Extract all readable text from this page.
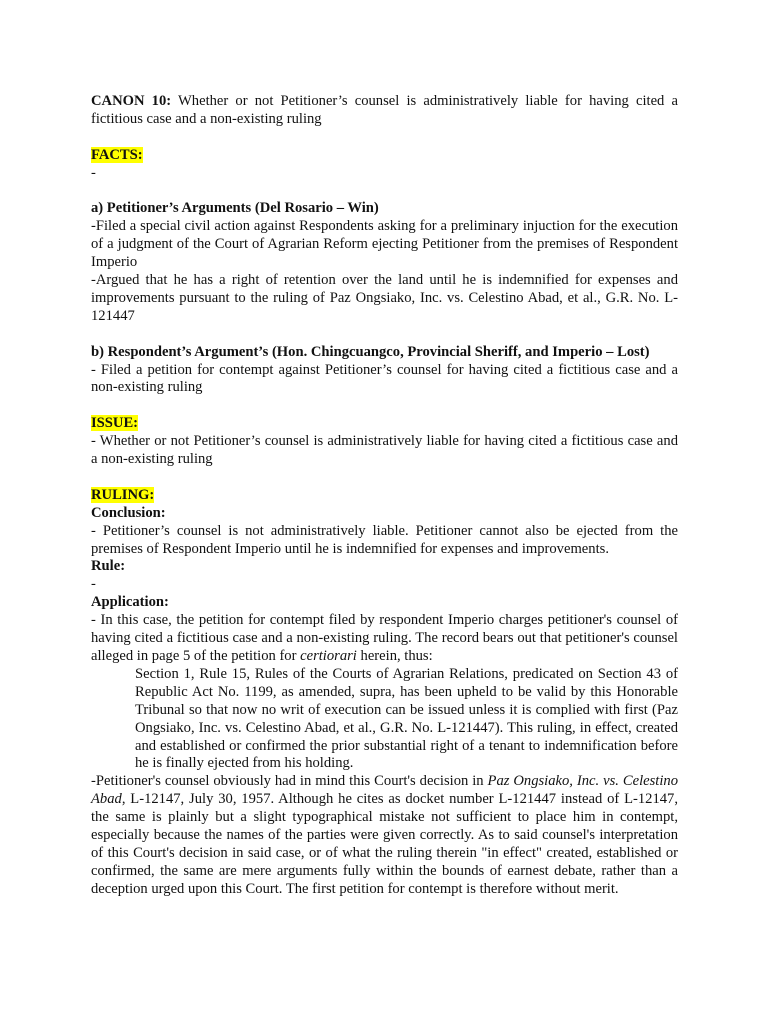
CANON 10: Whether or not Petitioner’s counsel is administratively liable for having cited a fictitious case and a non-existing ruling

FACTS:

-

a) Petitioner’s Arguments (Del Rosario – Win)

-Filed a special civil action against Respondents asking for a preliminary injuction for the execution of a judgment of the Court of Agrarian Reform ejecting Petitioner from the premises of Respondent Imperio

-Argued that he has a right of retention over the land until he is indemnified for expenses and improvements pursuant to the ruling of Paz Ongsiako, Inc. vs. Celestino Abad, et al., G.R. No. L-121447

b) Respondent’s Argument’s (Hon. Chingcuangco, Provincial Sheriff, and Imperio – Lost)

- Filed a petition for contempt against Petitioner’s counsel for having cited a fictitious case and a non-existing ruling

ISSUE:

- Whether or not Petitioner’s counsel is administratively liable for having cited a fictitious case and a non-existing ruling

RULING:

Conclusion:

- Petitioner’s counsel is not administratively liable. Petitioner cannot also be ejected from the premises of Respondent Imperio until he is indemnified for expenses and improvements.

Rule:

-

Application:

- In this case, the petition for contempt filed by respondent Imperio charges petitioner's counsel of having cited a fictitious case and a non-existing ruling. The record bears out that petitioner's counsel alleged in page 5 of the petition for certiorari herein, thus:

Section 1, Rule 15, Rules of the Courts of Agrarian Relations, predicated on Section 43 of Republic Act No. 1199, as amended, supra, has been upheld to be valid by this Honorable Tribunal so that now no writ of execution can be issued unless it is complied with first (Paz Ongsiako, Inc. vs. Celestino Abad, et al., G.R. No. L-121447). This ruling, in effect, created and established or confirmed the prior substantial right of a tenant to indemnification before he is finally ejected from his holding.

-Petitioner's counsel obviously had in mind this Court's decision in Paz Ongsiako, Inc. vs. Celestino Abad, L-12147, July 30, 1957. Although he cites as docket number L-121447 instead of L-12147, the same is plainly but a slight typographical mistake not sufficient to place him in contempt, especially because the names of the parties were given correctly. As to said counsel's interpretation of this Court's decision in said case, or of what the ruling therein "in effect" created, established or confirmed, the same are mere arguments fully within the bounds of earnest debate, rather than a deception urged upon this Court. The first petition for contempt is therefore without merit.
